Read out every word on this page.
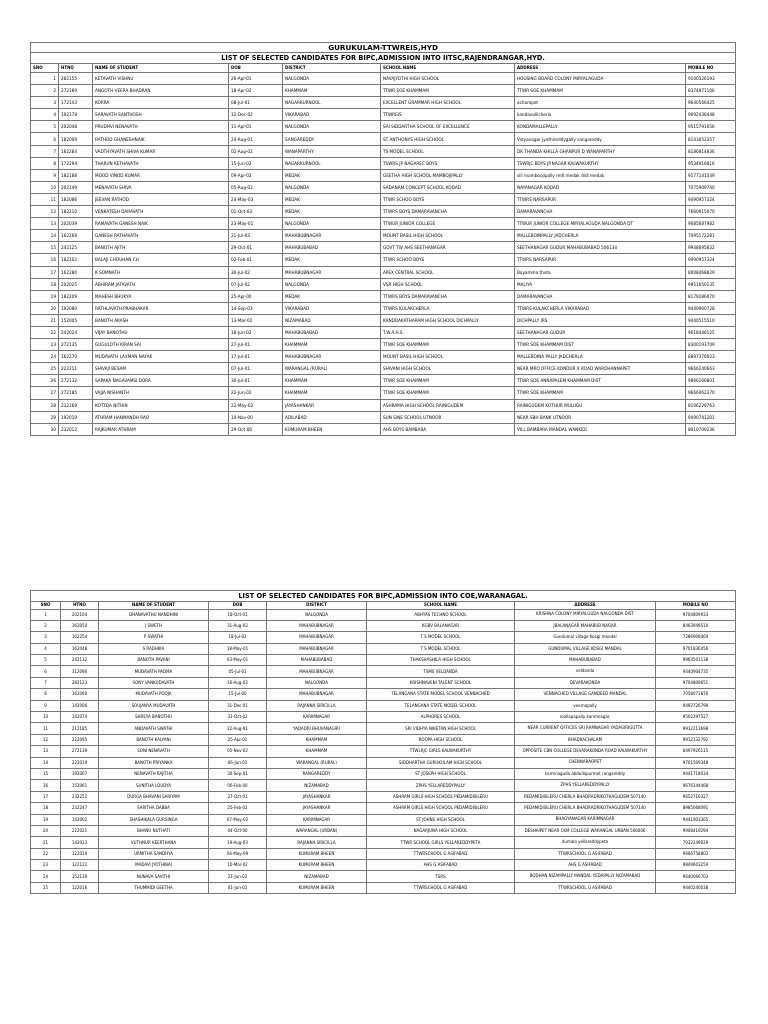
GURUKULAM-TTWREIS,HYD							
LIST OF SELECTED CANDIDATES FOR BIPC,ADMISSION INTO IITSC,RAJENDRANGAR,HYD.							
SNO	HTNO	NAME OF STUDENT	DOB	DISTRICT	SCHOOL NAME	ADDRESS	MOBILE NO
1	282155	KETAVATH VISHNU	26-Apr-01	NALGONDA	NAVAJYOTHI HIGH SCHOOL	HOUSING BOARD COLONY MIRYALAGUDA	9100326193
2	272189	ANGOTH VEERA BHADRAN	18-Apr-02	KHAMMAM	TTWR SOE KHAMMAM	TTWR SOE KHAMMAM	8374971106
3	172143	KORRA	08-Jul-01	NAGARKURNOOL	EXCELLENT GRAMMAR HIGH SCHOOL	achampet	9640566425
4	192178	SARAVATH SANTHOSH	12-Dec-02	VIKARABAD	TTWREIS	kandavallicheria	9092436448
5	202048	PRUDHVI NENAVATH	11-Apr-01	NALGONDA	SAI SIDDARTHA SCHOOL OF EXCELLENCE	KONDAMALLEPALLY	9515791656
6	182009	RATHOD GHANESHNAIK	24-Aug-01	SANGAREDDY	ST ANTHONYS HIGH SCHOOL	Vidyanagar jyothireddygally sangareddy	8143052357
7	162284	VADTHYAVATH SHIVA KUMAR	02-Aug-02	WANAPARTHY	TS MODEL SCHOOL	DK THANDA KHILLA GHANPUR D WANAPARTHY	8186814836
8	172294	THARUN KETHAVATH	15-Jun-02	NAGARKURNOOL	TSWRS JP NAGAREC BOYS	TSWRJC BOYS JP.NAGAR KALWAKURTHY	9534916816
9	182188	MOOD VINOD KUMAR	09-Apr-02	MEDAK	GEETHA HIGH SCHOOL MAMBOJIPALLY	sili mamboojipally mdl medak dist medak	9177141549
10	202149	MENAVATH SHIVA	05-Aug-02	NALGONDA	SADANAM CONCEPT SCHOOL KODAD	NAYANAGAR KODAD	7075909740
11	182086	JEEVAN RATHOD	24-May-03	MEDAK	TTWR SCHOO BOYS	TTWRS NARSAPUR	9490957324
12	182210	VENKATESH DARAVATH	01-Oct-03	MEDAK	TTWRS BOYS DAMARAVANCHA	DAMARAVANCHA	7660915070
13	202039	RAMAVATH GANESH NAIK	23-May-01	NALGONDA	TTWUR JUNIOR COLLEGE	TTWUR JUNIOR COLLEGE MIRYALAGUDA NALGONDA DT	9085687982
14	162268	GANESH RATHAVATH	21-Jul-03	MAHABUBNAGAR	MOUNT BASIL HIGH SCHOOL	MALLEBOINPALLY JADCHERLA	7095172281
15	242125	BANOTH AJITH	29-Oct-01	MAHABUBABAD	GOVT TW AHS SEETHANAGAR	SEETHANAGAR GUDUR MAHABUBABAD 506134	9948095832
16	182102	BALAJI CHOUHAN CH	02-Feb-01	MEDAK	TTWR SCHOO BOYS	TTWRS NARSAPUR	9490957324
17	162280	K SOMNATH	30-Jul-02	MAHABUBNAGAR	APEX CENTRAL SCHOOL	Bayamma thota	8008468829
18	202025	ABHIRAM JATAVATH	07-Jul-02	NALGONDA	VSR HIGH SCHOOL	MALIYA	9951650135
19	182209	MAHESH BHUKYA	25-Apr-00	MEDAK	TTWRS BOYS DAMARAVANCHA	DAMARAVANCHA	8179286070
20	192080	RATHLAVATH.PRABHAKAR	14-Sep-03	VIKARABAD	TTWRS KULAKCHERLA	TTWRS KULAKCHERLA VIKARABAD	9440960728
21	152005	BANOTH AKASH	13-Mar-02	NIZAMABAD	KANDDAKATHARAM HIGH SCHOOL DICHPALLY	DICHPALLY IRS	9440515510
22	242024	VIJAY BANOTHU	18-Jun-02	MAHABUBABAD	T.W.A.H.S.	SEETHANAGAR GUDUR	9618446125
23	272135	GUGULOTH KIRAN SAI	27-Jul-01	KHAMMAM	TTWR SOE KHAMMAM	TTWR SOE KHAMMAM DIST	8300193709
24	162270	MUDAVATH LAXMAN NAYAK	17-Jul-01	MAHABUBNAGAR	MOUNT BASIL HIGH SCHOOL	MALLEBOINA PALLY JADCHERLA	8897376023
25	222211	SHIVAJI BESAM	07-Jul-01	WARANGAL (RURAL)	SHIVANI HIGH SCHOOL	NEAR MRO OFFICE KONDUR X ROAD WARDHANNAPET	9666240663
26	272132	SAPAKA NAGAVAMSI DORA	30-Jul-01	KHAMMAM	TTWR SOE KHAMMAM	TTWR SOE ANNAPALEM KHAMMAM DIST	9866166801
27	272185	VAJJA NISHANTH	22-Jun-02	KHAMMAM	TTWR SOE KHAMMAM	TTWR SOE KHAMMAM	9666062370
28	232169	KOTTDA NITHIN	22-May-02	JAYASHANKAR	ASHRAMA HIGH SCHOOL RAINIGUDEM	RAINIGUDEM KOTHUR MULUGU	8106229763
29	192019	ATHRAM HANMANDH RAO	10-Nov-00	ADILABAD	SUN SINE SCHOOL UTNOOR	NEAR SBH BANK UTNOOR	9490741201
30	232012	RAJKUMAR ATHRAM	29-Oct-00	KUMURAM BHEEN	AHS BOYS BAMBARA	VILL BAMBARA MANDAL WANKIDI	8010709236
LIST OF SELECTED CANDIDATES FOR BIPC,ADMISSION INTO COE,WARANAGAL.							
SNO	HTNO	NAME OF STUDENT	DOB	DISTRICT	SCHOOL NAME	ADDRESS	MOBILE NO
1	202104	DHANAVATHU NANDHINI	18-Oct-01	NALGONDA	ABHYAS TECHNO SCHOOL	KRISHNA COLONY MIRYALGUDA NALGONDA DIST	9704809933
2	162050	J SWETH	31-Aug-02	MAHABUBNAGAR	KGBV BALANAGAR	JBALANAGAR MAHABUB NAGAR	8463949510
3	162254	P SWATHI	18-Jul-02	MAHABUBNAGAR	T S MODEL SCHOOL	Gundumal village Kosgi mandal	7286909464
4	162048	S RADHIKA	18-May-01	MAHABUBNAGAR	T S MODEL SCHOOL	GUNDUMAL VILLAGE KOSGI MANDAL	9701836456
5	242132	BANOTH PAVANI	03-May-01	MAHABUBABAD	THAKSHASHILA HIGH SCHOOL	MAHABUBABAD	9963501138
6	312090	MUDAVATH PADMA	05-Jul-01	MAHABUBNAGAR	TSMS VELDANDA	veldanda	9440904735
7	282123	SONY VANKUDAVATH	16-Aug-02	NALGONDA	KRISHNAVENI TALENT SCHOOL	DEVARAKONDA	9704809651
8	162090	MUDAVATH POOJA	15-Jul-00	MAHABUBNAGAR	TELANGANA STATE MODEL SCHOOL VENNACHED	VENNACHED VILLAGE GANDEED MANDAL	7058071876
9	142006	SOUJANYA MUDAVATH	31-Dec-01	RAJANNA SIRICILLA	TELANGANA STATE MODEL SCHOOL	veernapally	9492726799
10	142074	SHREYA BANOTHU	31-Oct-02	KARIMNAGAR	ALPHORES SCHOOL	roollapapally karimnagar.	9502297527
11	212185	ANDAVATH SWATHI	22-Aug-01	YADADRI BHUVANAGIRI	SRI VIDHYA NIKETAN HIGH SCHOOL	NEAR CURRENT OFFICES SRI RAMNAGAR YADAGIRIGUTTA	9912213698
12	222095	BANOTH KALYANI	25-Apr-01	KHAMMAM	ROOPA HIGH SCHOOL	BHADRACHALAM	9912132792
13	272139	SONI NENAVATH	05-Nov-02	KHAMMAM	TTWLRJC GIRLS KALWAKURTHY	OPPOSITE CBN COLLEGE DEVARAKONDA ROAD KALWAKURTHY	8497926115
14	222019	BANOTH PRIYANKA	06-Jun-01	WARANGAL (RURAL)	SIDDHARTHA GURUKULAM HIGH SCHOOL	CHENNARAOPET	9701509348
15	192007	NENAVATH RAJITHA	30-Sep-01	RANGAREDDY	ST JOSEPH HIGH SCHOOL	karmnaguda abdullapurmet rangareddy	9441718034
16	152061	SUNITHA LOUDYA	06-Feb-00	NIZAMABAD	ZPHS YELLAREDDYPALLY	ZPHS YELLAREDDYPALLY	9676144468
17	232251	DURGA BHAVANI SARIYAM	27-Oct-01	JAYASHANKAR	ASHRAM GIRLS HIGH SCHOOL PEDAMIDISILERU	PEDAMIDISILERU CHERLA BHADRADRIKOTHAGUDEM 507140	9652716327
18	232247	SARITHA DABBA	25-Feb-02	JAYASHANKAR	ASHRAM GIRLS HIGH SCHOOL PEDAMIDISILERU	PEDAMIDISILERU CHERLA BHADRADRIKOTHAGUDEM 507140	8985068091
19	142002	SHASHIKALA GURSINGA	07-May-02	KARIMNAGAR	ST JOHNS HIGH SCHOOL	BHAGYANAGAR KARIMNAGAR	9441903365
20	222021	BHANU NUTHATI	04-Oct-00	WARANGAL (URBAN)	NAGARJUNA HIGH SCHOOL	DESHAIPET NEAR CKM COLLEGE WARANGAL URBAN 506006	9908419294
21	142013	VUTHNUR KEERTHANA	19-Aug-03	RAJANNA SIRICILLA	TTWR SCHOOL GIRLS YELLAREDDYPETA	dumala yellareddypeta	7032249029
22	122019	URMITHA SANDHYA	04-May-99	KUMURAM BHEEN	TTWRSCHOOL G ASIFABAD	TTWRSCHOOL G ASIFABAD	9666758803
23	122122	MADAVI JYOTHIBAI	10-Mar-02	KUMURAM BHEEN	AHS G ASIFABAD	AHS G ASIFABAD	9849603259
24	152139	NUNAVA SAVITHI	21-Jun-02	NIZAMABAD	TSRS	BODHAN NIZAMPALLY MANDAL YEDAPALLY NIZAMABAD	9640066703
25	122016	THUMMIDI GEETHA	01-Jun-02	KUMURAM BHEEN	TTWRSCHOOL G ASIFABAD	TTWRSCHOOL G ASIFABAD	9440240038
